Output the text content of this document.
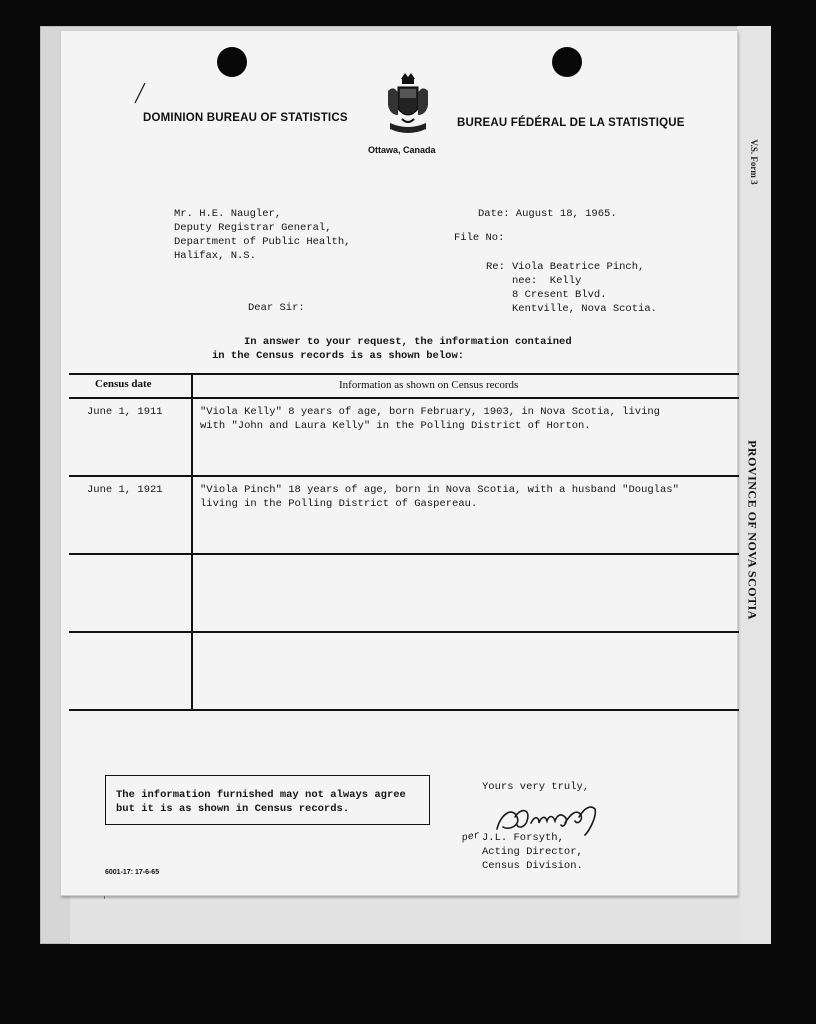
V.S. Form 3
PROVINCE OF NOVA SCOTIA
DOMINION BUREAU OF STATISTICS	BUREAU FÉDÉRAL DE LA STATISTIQUE
Ottawa, Canada
Mr. H.E. Naugler,
Deputy Registrar General,
Department of Public Health,
Halifax, N.S.
Date: August 18, 1965.
File No:
Re: Viola Beatrice Pinch,
nee:  Kelly
8 Cresent Blvd.
Kentville, Nova Scotia.
Dear Sir:
In answer to your request, the information contained
in the Census records is as shown below:
Census date	Information as shown on Census records
June 1, 1911	"Viola Kelly" 8 years of age, born February, 1903, in Nova Scotia, living
with "John and Laura Kelly" in the Polling District of Horton.
June 1, 1921	"Viola Pinch" 18 years of age, born in Nova Scotia, with a husband "Douglas"
living in the Polling District of Gaspereau.
The information furnished may not always agree
but it is as shown in Census records.
Yours very truly,
per J.L. Forsyth,
Acting Director,
Census Division.
6001-17: 17-6-65
